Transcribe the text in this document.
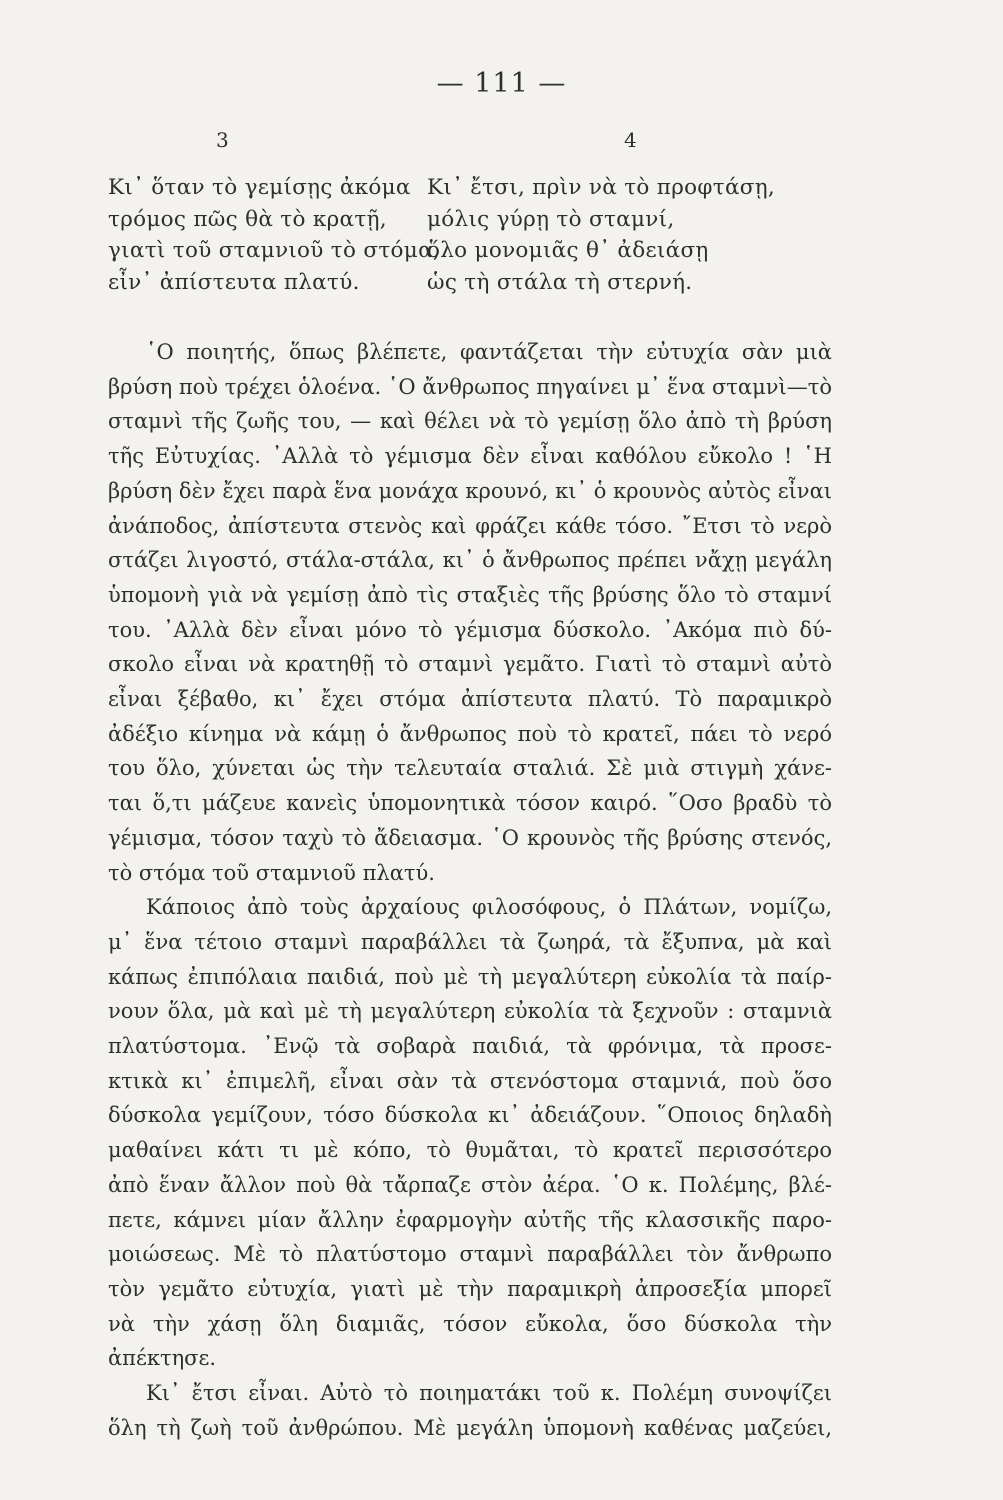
— 111 —
3	4
Κι᾿ ὅταν τὸ γεμίσῃς ἀκόμα
τρόμος πῶς θὰ τὸ κρατῇ,
γιατὶ τοῦ σταμνιοῦ τὸ στόμα,
εἶν᾿ ἀπίστευτα πλατύ.
Κι᾿ ἔτσι, πρὶν νὰ τὸ προφτάσῃ,
μόλις γύρῃ τὸ σταμνί,
ὅλο μονομιᾶς θ᾿ ἀδειάσῃ
ὡς τὴ στάλα τὴ στερνή.
῾Ο ποιητής, ὅπως βλέπετε, φαντάζεται τὴν εὐτυχία σὰν μιὰ
βρύση ποὺ τρέχει ὁλοένα. ῾Ο ἄνθρωπος πηγαίνει μ᾿ ἕνα σταμνὶ—τὸ
σταμνὶ τῆς ζωῆς του, — καὶ θέλει νὰ τὸ γεμίσῃ ὅλο ἀπὸ τὴ βρύση
τῆς Εὐτυχίας. ᾿Αλλὰ τὸ γέμισμα δὲν εἶναι καθόλου εὔκολο ! ῾Η
βρύση δὲν ἔχει παρὰ ἕνα μονάχα κρουνό, κι᾿ ὁ κρουνὸς αὐτὸς εἶναι
ἀνάποδος, ἀπίστευτα στενὸς καὶ φράζει κάθε τόσο. ῎Ετσι τὸ νερὸ
στάζει λιγοστό, στάλα-στάλα, κι᾿ ὁ ἄνθρωπος πρέπει νἄχῃ μεγάλη
ὑπομονὴ γιὰ νὰ γεμίσῃ ἀπὸ τὶς σταξιὲς τῆς βρύσης ὅλο τὸ σταμνί
του. ᾿Αλλὰ δὲν εἶναι μόνο τὸ γέμισμα δύσκολο. ᾿Ακόμα πιὸ δύ-
σκολο εἶναι νὰ κρατηθῇ τὸ σταμνὶ γεμᾶτο. Γιατὶ τὸ σταμνὶ αὐτὸ
εἶναι ξέβαθο, κι᾿ ἔχει στόμα ἀπίστευτα πλατύ. Τὸ παραμικρὸ
ἀδέξιο κίνημα νὰ κάμῃ ὁ ἄνθρωπος ποὺ τὸ κρατεῖ, πάει τὸ νερό
του ὅλο, χύνεται ὡς τὴν τελευταία σταλιά. Σὲ μιὰ στιγμὴ χάνε-
ται ὅ,τι μάζευε κανεὶς ὑπομονητικὰ τόσον καιρό. ῞Οσο βραδὺ τὸ
γέμισμα, τόσον ταχὺ τὸ ἄδειασμα. ῾Ο κρουνὸς τῆς βρύσης στενός,
τὸ στόμα τοῦ σταμνιοῦ πλατύ.
Κάποιος ἀπὸ τοὺς ἀρχαίους φιλοσόφους, ὁ Πλάτων, νομίζω,
μ᾿ ἕνα τέτοιο σταμνὶ παραβάλλει τὰ ζωηρά, τὰ ἔξυπνα, μὰ καὶ
κάπως ἐπιπόλαια παιδιά, ποὺ μὲ τὴ μεγαλύτερη εὐκολία τὰ παίρ-
νουν ὅλα, μὰ καὶ μὲ τὴ μεγαλύτερη εὐκολία τὰ ξεχνοῦν : σταμνιὰ
πλατύστομα. ᾿Ενῷ τὰ σοβαρὰ παιδιά, τὰ φρόνιμα, τὰ προσε-
κτικὰ κι᾿ ἐπιμελῆ, εἶναι σὰν τὰ στενόστομα σταμνιά, ποὺ ὅσο
δύσκολα γεμίζουν, τόσο δύσκολα κι᾿ ἀδειάζουν. ῞Οποιος δηλαδὴ
μαθαίνει κάτι τι μὲ κόπο, τὸ θυμᾶται, τὸ κρατεῖ περισσότερο
ἀπὸ ἕναν ἄλλον ποὺ θὰ τἄρπαζε στὸν ἀέρα. ῾Ο κ. Πολέμης, βλέ-
πετε, κάμνει μίαν ἄλλην ἐφαρμογὴν αὐτῆς τῆς κλασσικῆς παρο-
μοιώσεως. Μὲ τὸ πλατύστομο σταμνὶ παραβάλλει τὸν ἄνθρωπο
τὸν γεμᾶτο εὐτυχία, γιατὶ μὲ τὴν παραμικρὴ ἀπροσεξία μπορεῖ
νὰ τὴν χάσῃ ὅλη διαμιᾶς, τόσον εὔκολα, ὅσο δύσκολα τὴν
ἀπέκτησε.
Κι᾿ ἔτσι εἶναι. Αὐτὸ τὸ ποιηματάκι τοῦ κ. Πολέμη συνοψίζει
ὅλη τὴ ζωὴ τοῦ ἀνθρώπου. Μὲ μεγάλη ὑπομονὴ καθένας μαζεύει,
